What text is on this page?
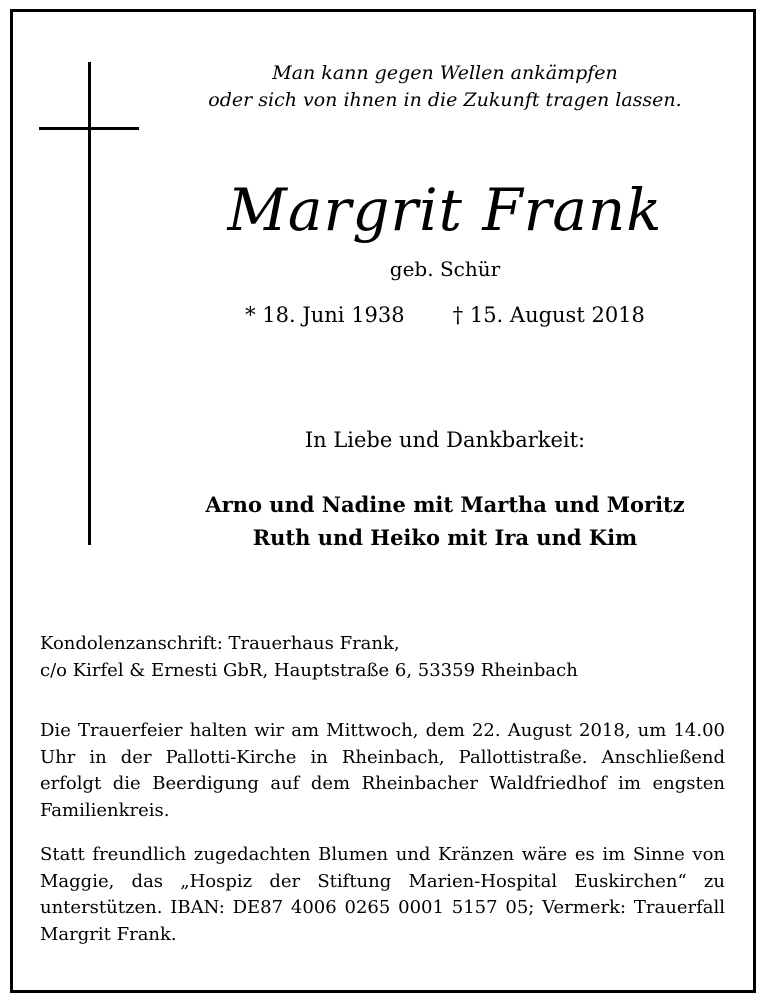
Man kann gegen Wellen ankämpfen
oder sich von ihnen in die Zukunft tragen lassen.
Margrit Frank
geb. Schür
* 18. Juni 1938 † 15. August 2018
In Liebe und Dankbarkeit:
Arno und Nadine mit Martha und Moritz
Ruth und Heiko mit Ira und Kim
Kondolenzanschrift: Trauerhaus Frank,
c/o Kirfel & Ernesti GbR, Hauptstraße 6, 53359 Rheinbach
Die Trauerfeier halten wir am Mittwoch, dem 22. August 2018, um 14.00 Uhr in der Pallotti-Kirche in Rheinbach, Pallottistraße. Anschließend erfolgt die Beerdigung auf dem Rheinbacher Waldfriedhof im engsten Familienkreis.
Statt freundlich zugedachten Blumen und Kränzen wäre es im Sinne von Maggie, das „Hospiz der Stiftung Marien-Hospital Euskirchen“ zu unterstützen. IBAN: DE87 4006 0265 0001 5157 05; Vermerk: Trauerfall Margrit Frank.
